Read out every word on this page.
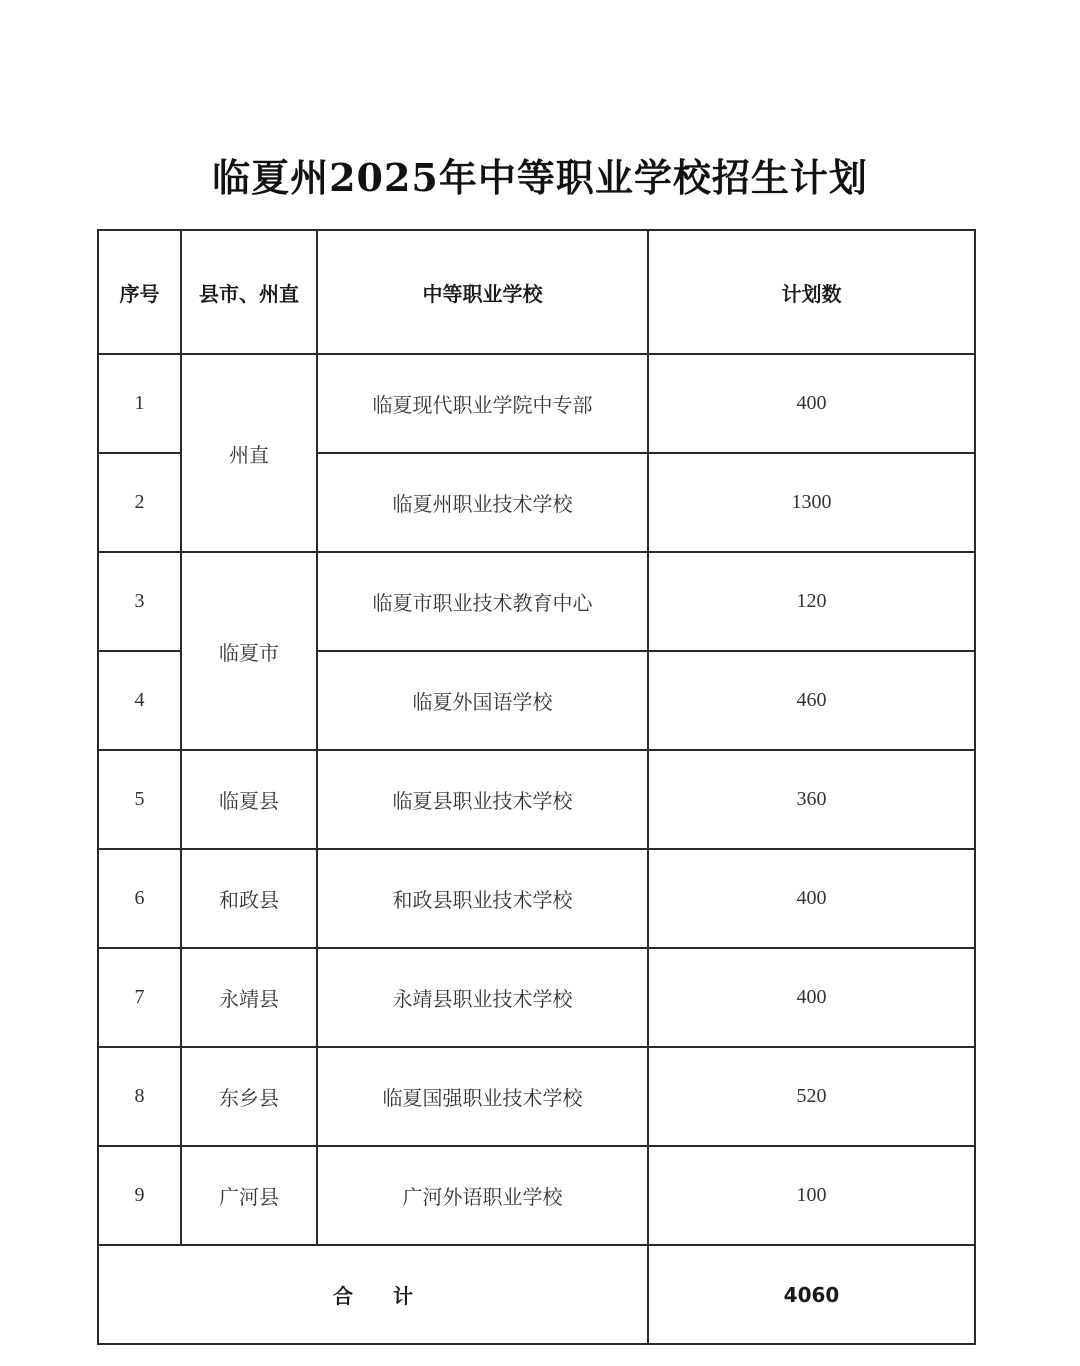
临夏州2025年中等职业学校招生计划
序号	县市、州直	中等职业学校	计划数
1	州直	临夏现代职业学院中专部	400
2		临夏州职业技术学校	1300
3	临夏市	临夏市职业技术教育中心	120
4		临夏外国语学校	460
5	临夏县	临夏县职业技术学校	360
6	和政县	和政县职业技术学校	400
7	永靖县	永靖县职业技术学校	400
8	东乡县	临夏国强职业技术学校	520
9	广河县	广河外语职业学校	100
合计			4060
